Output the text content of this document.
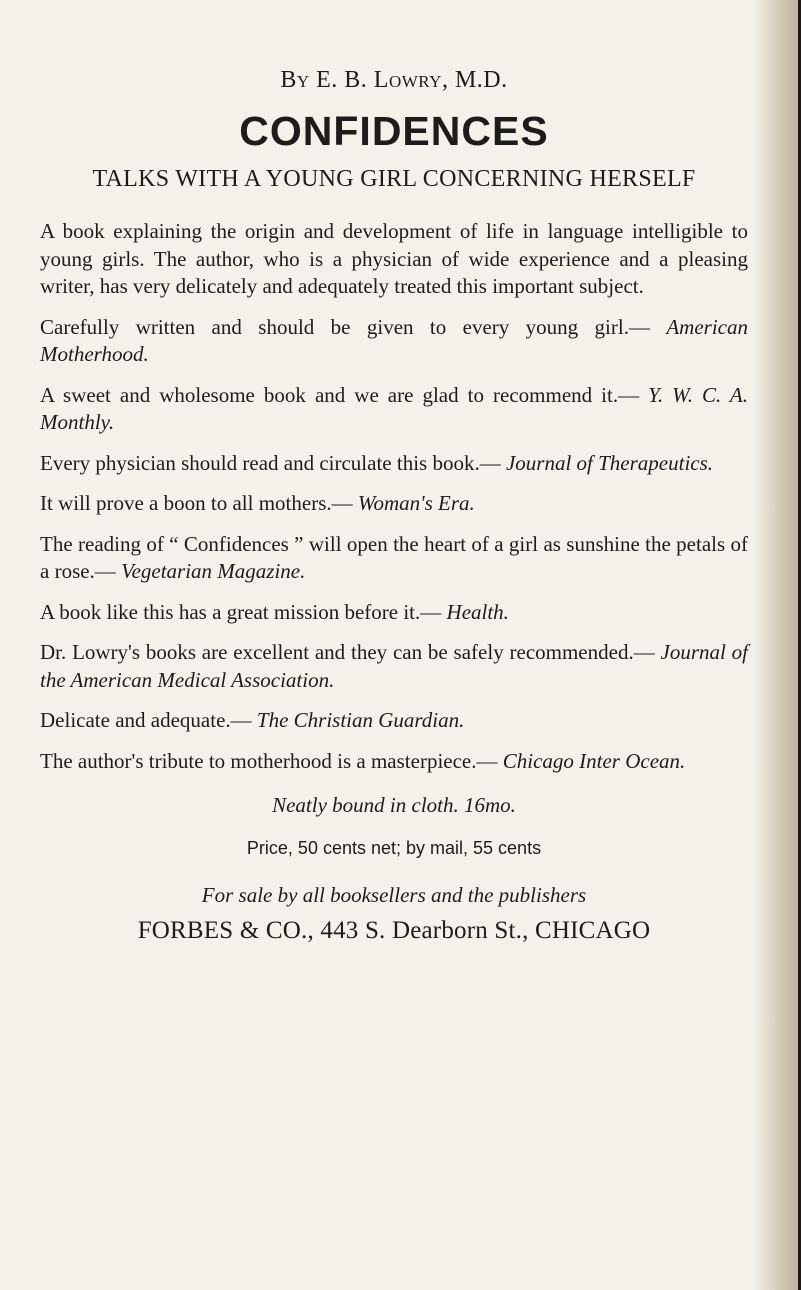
By E. B. Lowry, M.D.

CONFIDENCES

TALKS WITH A YOUNG GIRL CONCERNING HERSELF

A book explaining the origin and development of life in language intelligible to young girls. The author, who is a physician of wide experience and a pleasing writer, has very delicately and adequately treated this important subject.

Carefully written and should be given to every young girl.— American Motherhood.

A sweet and wholesome book and we are glad to recommend it.— Y. W. C. A. Monthly.

Every physician should read and circulate this book.— Journal of Therapeutics.

It will prove a boon to all mothers.— Woman's Era.

The reading of “ Confidences ” will open the heart of a girl as sunshine the petals of a rose.— Vegetarian Magazine.

A book like this has a great mission before it.— Health.

Dr. Lowry's books are excellent and they can be safely recommended.— Journal of the American Medical Association.

Delicate and adequate.— The Christian Guardian.

The author's tribute to motherhood is a masterpiece.— Chicago Inter Ocean.

Neatly bound in cloth. 16mo.

Price, 50 cents net; by mail, 55 cents

For sale by all booksellers and the publishers

FORBES & CO., 443 S. Dearborn St., CHICAGO
